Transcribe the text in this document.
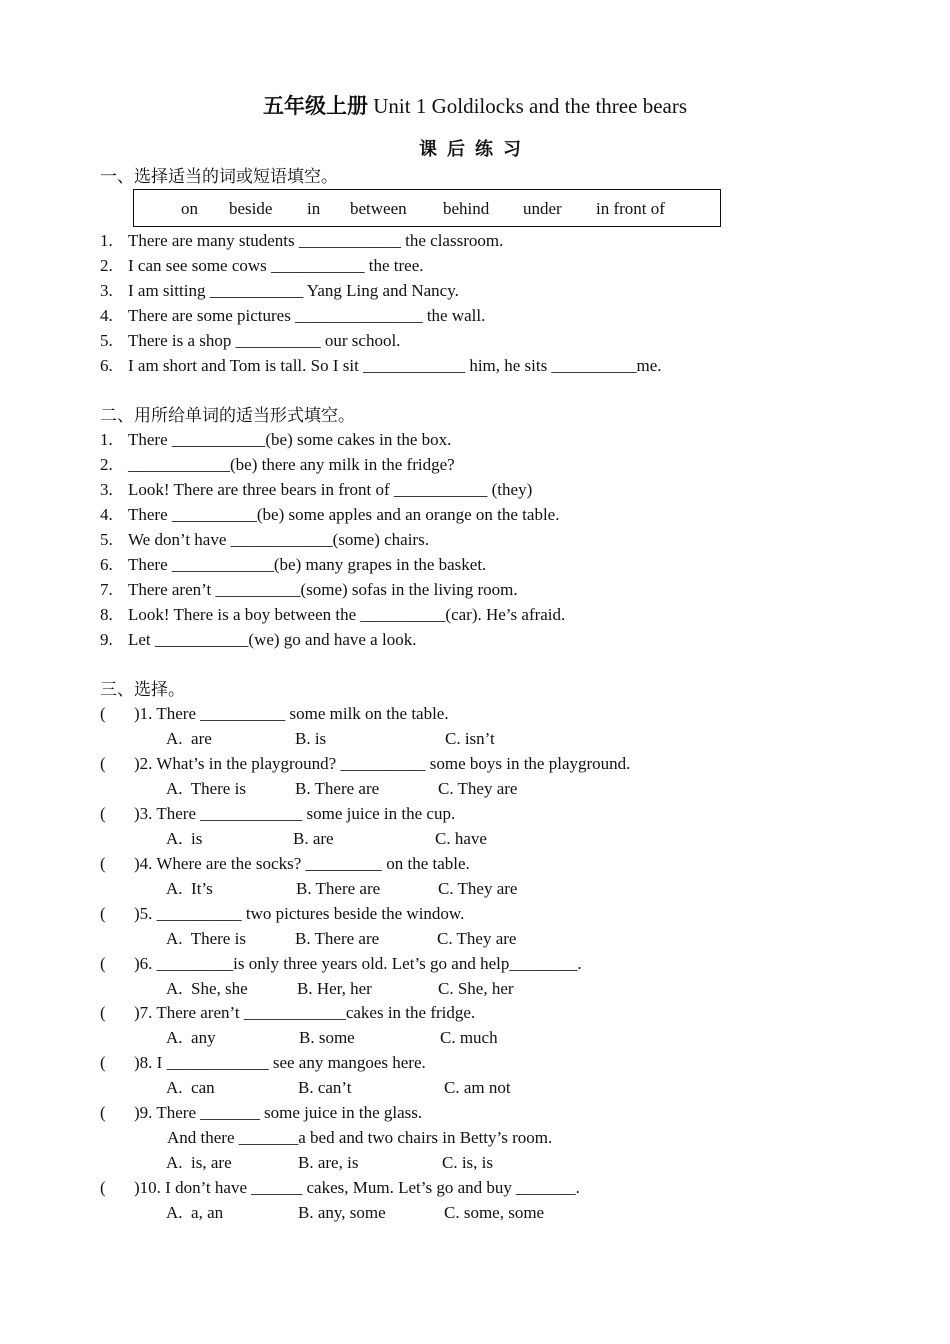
五年级上册 Unit 1 Goldilocks and the three bears
课后练习
一、选择适当的词或短语填空。
on beside in between behind under in front of
1. There are many students ____________ the classroom.
2. I can see some cows ___________ the tree.
3. I am sitting ___________ Yang Ling and Nancy.
4. There are some pictures _______________ the wall.
5. There is a shop __________ our school.
6. I am short and Tom is tall. So I sit ____________ him, he sits __________me.
二、用所给单词的适当形式填空。
1. There ___________(be) some cakes in the box.
2. ____________(be) there any milk in the fridge?
3. Look! There are three bears in front of ___________ (they)
4. There __________(be) some apples and an orange on the table.
5. We don’t have ____________(some) chairs.
6. There ____________(be) many grapes in the basket.
7. There aren’t __________(some) sofas in the living room.
8. Look! There is a boy between the __________(car). He’s afraid.
9. Let ___________(we) go and have a look.
三、选择。
( )1. There __________ some milk on the table.
A.  are	B. is	C. isn’t
( )2. What’s in the playground? __________ some boys in the playground.
A.  There is	B. There are	C. They are
( )3. There ____________ some juice in the cup.
A.  is	B. are	C. have
( )4. Where are the socks? _________ on the table.
A.  It’s	B. There are	C. They are
( )5. __________ two pictures beside the window.
A.  There is	B. There are	C. They are
( )6. _________is only three years old. Let’s go and help________.
A.  She, she	B. Her, her	C. She, her
( )7. There aren’t ____________cakes in the fridge.
A.  any	B. some	C. much
( )8. I ____________ see any mangoes here.
A.  can	B. can’t	C. am not
( )9. There _______ some juice in the glass.
And there _______a bed and two chairs in Betty’s room.
A.  is, are	B. are, is	C. is, is
( )10. I don’t have ______ cakes, Mum. Let’s go and buy _______.
A.  a, an	B. any, some	C. some, some
